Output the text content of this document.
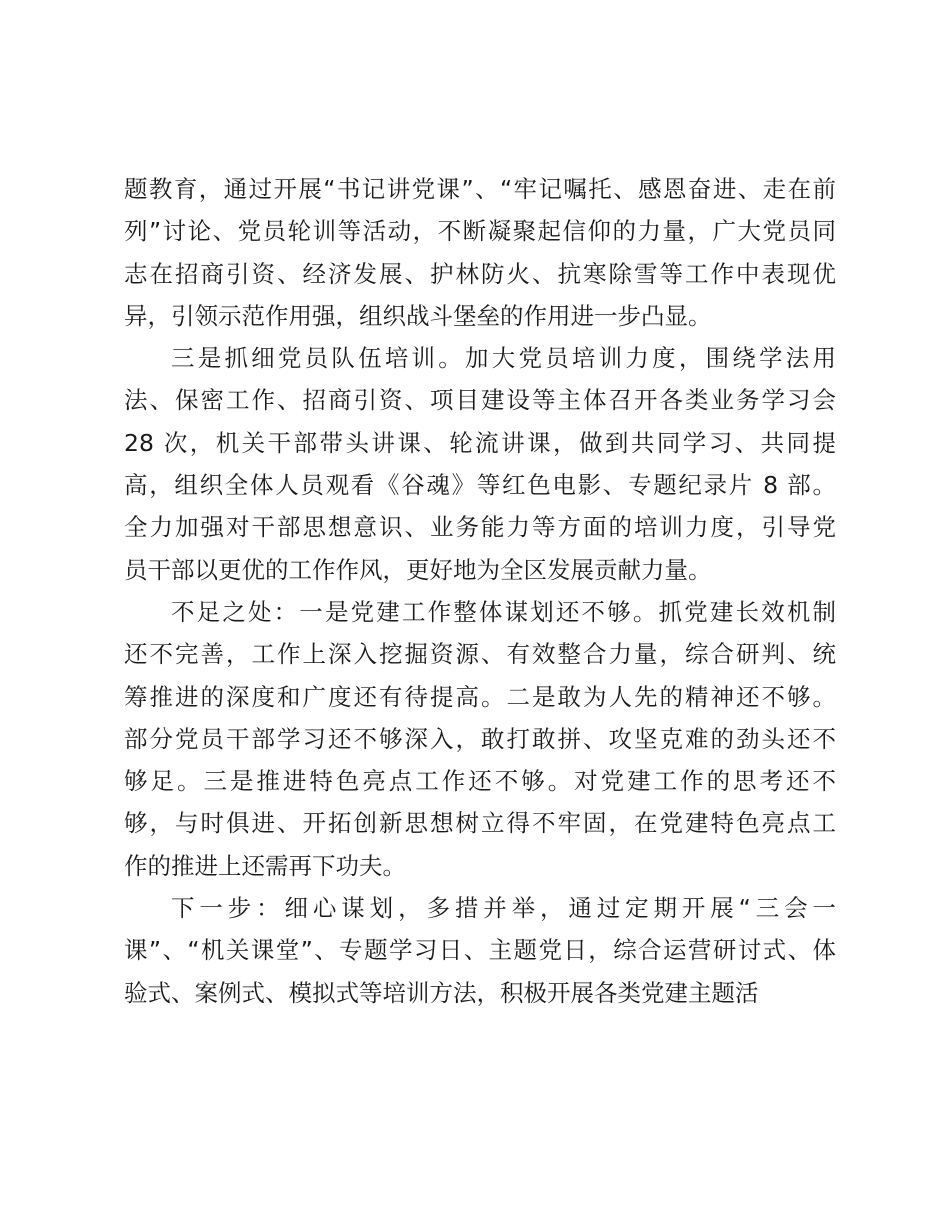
题教育，通过开展“书记讲党课”、“牢记嘱托、感恩奋进、走在前
列”讨论、党员轮训等活动，不断凝聚起信仰的力量，广大党员同
志在招商引资、经济发展、护林防火、抗寒除雪等工作中表现优
异，引领示范作用强，组织战斗堡垒的作用进一步凸显。
三是抓细党员队伍培训。加大党员培训力度，围绕学法用
法、保密工作、招商引资、项目建设等主体召开各类业务学习会
28 次，机关干部带头讲课、轮流讲课，做到共同学习、共同提
高，组织全体人员观看《谷魂》等红色电影、专题纪录片 8 部。
全力加强对干部思想意识、业务能力等方面的培训力度，引导党
员干部以更优的工作作风，更好地为全区发展贡献力量。
不足之处：一是党建工作整体谋划还不够。抓党建长效机制
还不完善，工作上深入挖掘资源、有效整合力量，综合研判、统
筹推进的深度和广度还有待提高。二是敢为人先的精神还不够。
部分党员干部学习还不够深入，敢打敢拼、攻坚克难的劲头还不
够足。三是推进特色亮点工作还不够。对党建工作的思考还不
够，与时俱进、开拓创新思想树立得不牢固，在党建特色亮点工
作的推进上还需再下功夫。
下一步：细心谋划，多措并举，通过定期开展“三会一
课”、“机关课堂”、专题学习日、主题党日，综合运营研讨式、体
验式、案例式、模拟式等培训方法，积极开展各类党建主题活
